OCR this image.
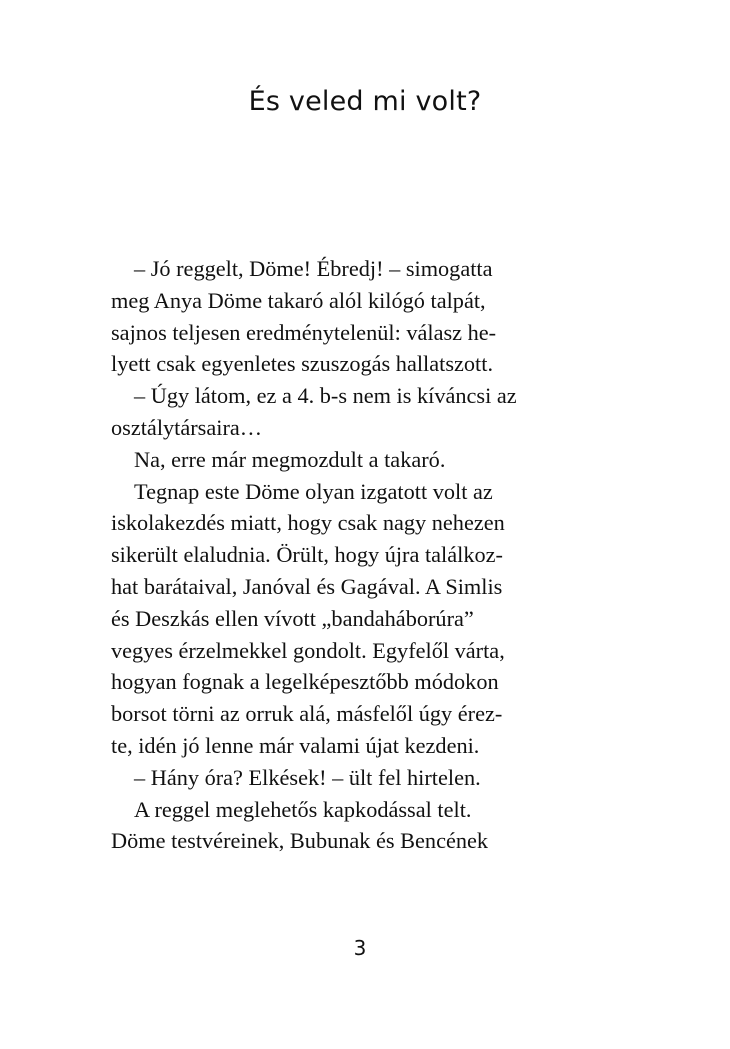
És veled mi volt?
– Jó reggelt, Döme! Ébredj! – simogatta
meg Anya Döme takaró alól kilógó talpát,
sajnos teljesen eredménytelenül: válasz he-
lyett csak egyenletes szuszogás hallatszott.
– Úgy látom, ez a 4. b-s nem is kíváncsi az
osztálytársaira…
Na, erre már megmozdult a takaró.
Tegnap este Döme olyan izgatott volt az
iskolakezdés miatt, hogy csak nagy nehezen
sikerült elaludnia. Örült, hogy újra találkoz-
hat barátaival, Janóval és Gagával. A Simlis
és Deszkás ellen vívott „bandaháborúra”
vegyes érzelmekkel gondolt. Egyfelől várta,
hogyan fognak a legelképesztőbb módokon
borsot törni az orruk alá, másfelől úgy érez-
te, idén jó lenne már valami újat kezdeni.
– Hány óra? Elkések! – ült fel hirtelen.
A reggel meglehetős kapkodással telt.
Döme testvéreinek, Bubunak és Bencének
3
